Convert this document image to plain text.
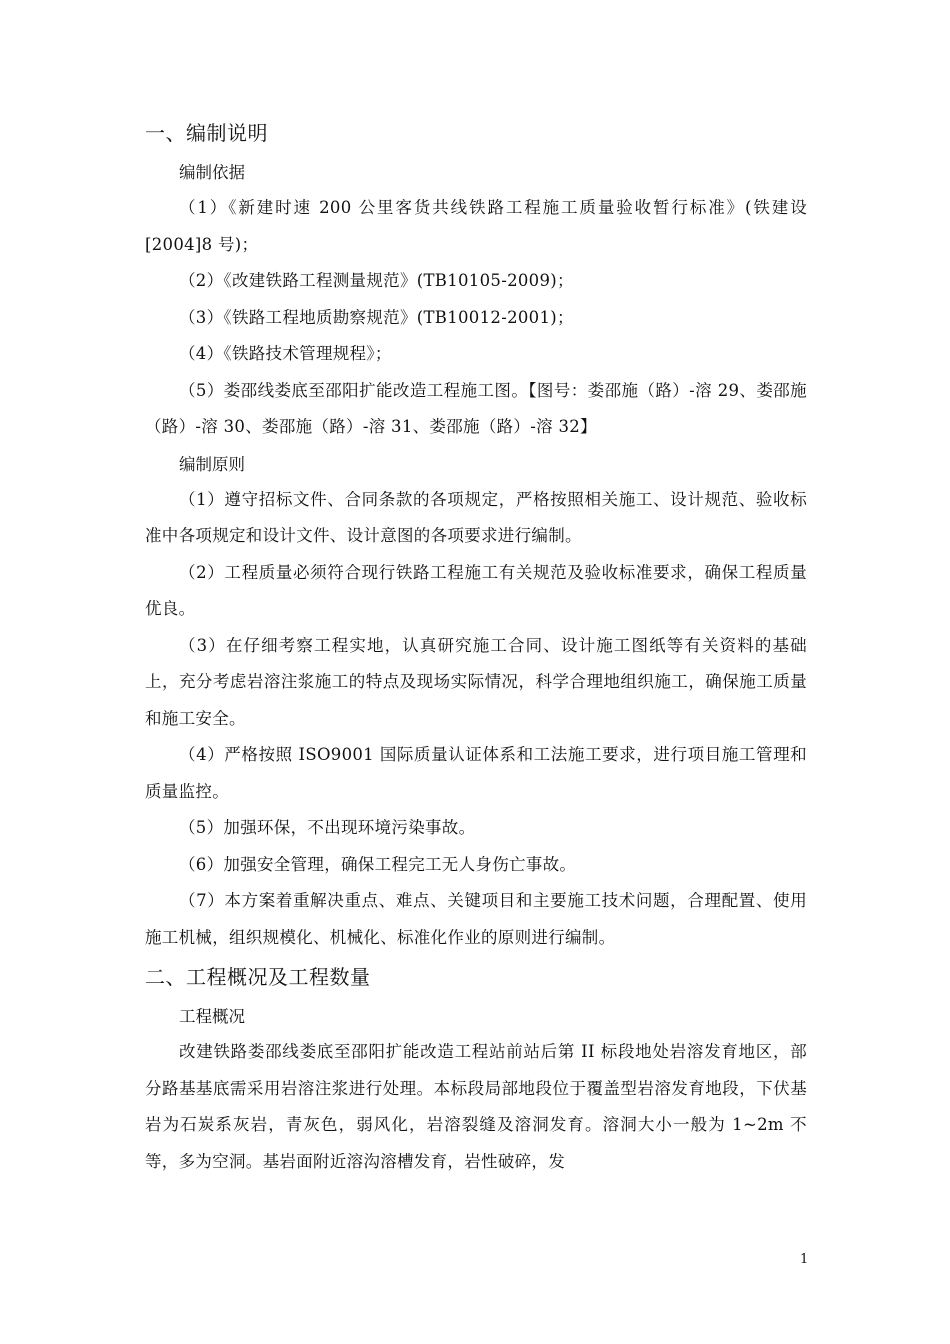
一、编制说明
编制依据

（1）《新建时速 200 公里客货共线铁路工程施工质量验收暂行标准》(铁建设[2004]8 号)；

（2）《改建铁路工程测量规范》(TB10105-2009)；

（3）《铁路工程地质勘察规范》(TB10012-2001)；

（4）《铁路技术管理规程》；

（5）娄邵线娄底至邵阳扩能改造工程施工图。【图号：娄邵施（路）-溶 29、娄邵施（路）-溶 30、娄邵施（路）-溶 31、娄邵施（路）-溶 32】

编制原则

（1）遵守招标文件、合同条款的各项规定，严格按照相关施工、设计规范、验收标准中各项规定和设计文件、设计意图的各项要求进行编制。

（2）工程质量必须符合现行铁路工程施工有关规范及验收标准要求，确保工程质量优良。

（3）在仔细考察工程实地，认真研究施工合同、设计施工图纸等有关资料的基础上，充分考虑岩溶注浆施工的特点及现场实际情况，科学合理地组织施工，确保施工质量和施工安全。

（4）严格按照 ISO9001 国际质量认证体系和工法施工要求，进行项目施工管理和质量监控。

（5）加强环保，不出现环境污染事故。

（6）加强安全管理，确保工程完工无人身伤亡事故。

（7）本方案着重解决重点、难点、关键项目和主要施工技术问题，合理配置、使用施工机械，组织规模化、机械化、标准化作业的原则进行编制。

二、工程概况及工程数量
工程概况

改建铁路娄邵线娄底至邵阳扩能改造工程站前站后第 II 标段地处岩溶发育地区，部分路基基底需采用岩溶注浆进行处理。本标段局部地段位于覆盖型岩溶发育地段，下伏基岩为石炭系灰岩，青灰色，弱风化，岩溶裂缝及溶洞发育。溶洞大小一般为 1~2m 不等，多为空洞。基岩面附近溶沟溶槽发育，岩性破碎，发

1
